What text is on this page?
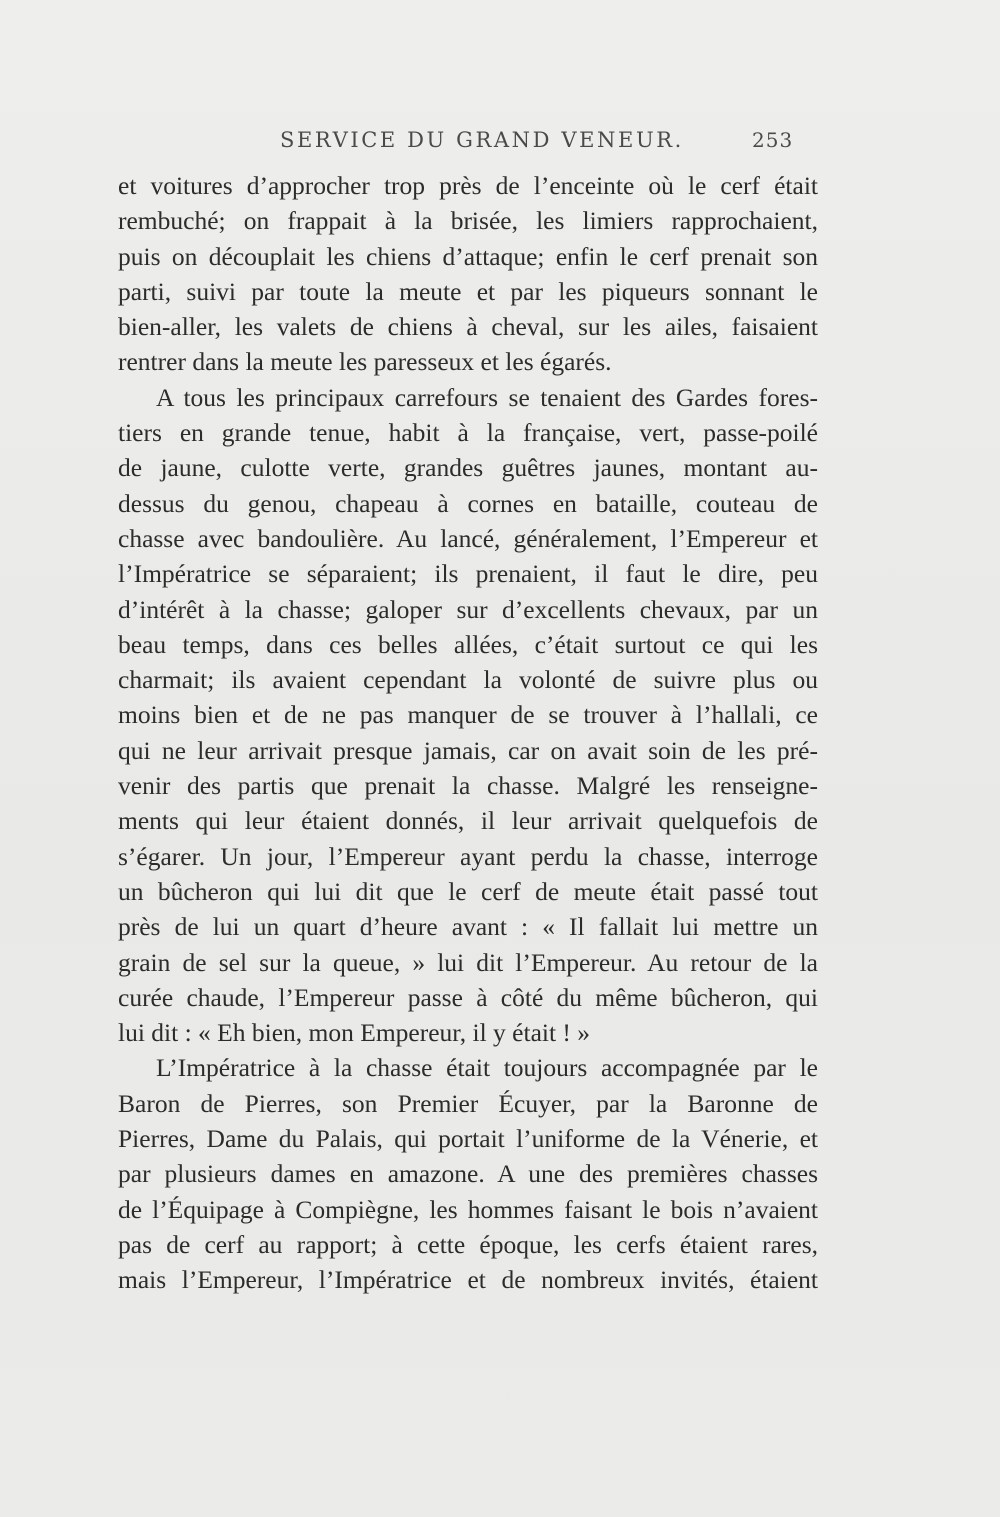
SERVICE DU GRAND VENEUR.	253

et voitures d’approcher trop près de l’enceinte où le cerf était
rembuché; on frappait à la brisée, les limiers rapprochaient,
puis on découplait les chiens d’attaque; enfin le cerf prenait son
parti, suivi par toute la meute et par les piqueurs sonnant le
bien-aller, les valets de chiens à cheval, sur les ailes, faisaient
rentrer dans la meute les paresseux et les égarés.

A tous les principaux carrefours se tenaient des Gardes fores-
tiers en grande tenue, habit à la française, vert, passe-poilé
de jaune, culotte verte, grandes guêtres jaunes, montant au-
dessus du genou, chapeau à cornes en bataille, couteau de
chasse avec bandoulière. Au lancé, généralement, l’Empereur et
l’Impératrice se séparaient; ils prenaient, il faut le dire, peu
d’intérêt à la chasse; galoper sur d’excellents chevaux, par un
beau temps, dans ces belles allées, c’était surtout ce qui les
charmait; ils avaient cependant la volonté de suivre plus ou
moins bien et de ne pas manquer de se trouver à l’hallali, ce
qui ne leur arrivait presque jamais, car on avait soin de les pré-
venir des partis que prenait la chasse. Malgré les renseigne-
ments qui leur étaient donnés, il leur arrivait quelquefois de
s’égarer. Un jour, l’Empereur ayant perdu la chasse, interroge
un bûcheron qui lui dit que le cerf de meute était passé tout
près de lui un quart d’heure avant : « Il fallait lui mettre un
grain de sel sur la queue, » lui dit l’Empereur. Au retour de la
curée chaude, l’Empereur passe à côté du même bûcheron, qui
lui dit : « Eh bien, mon Empereur, il y était ! »

L’Impératrice à la chasse était toujours accompagnée par le
Baron de Pierres, son Premier Écuyer, par la Baronne de
Pierres, Dame du Palais, qui portait l’uniforme de la Vénerie, et
par plusieurs dames en amazone. A une des premières chasses
de l’Équipage à Compiègne, les hommes faisant le bois n’avaient
pas de cerf au rapport; à cette époque, les cerfs étaient rares,
mais l’Empereur, l’Impératrice et de nombreux invités, étaient
